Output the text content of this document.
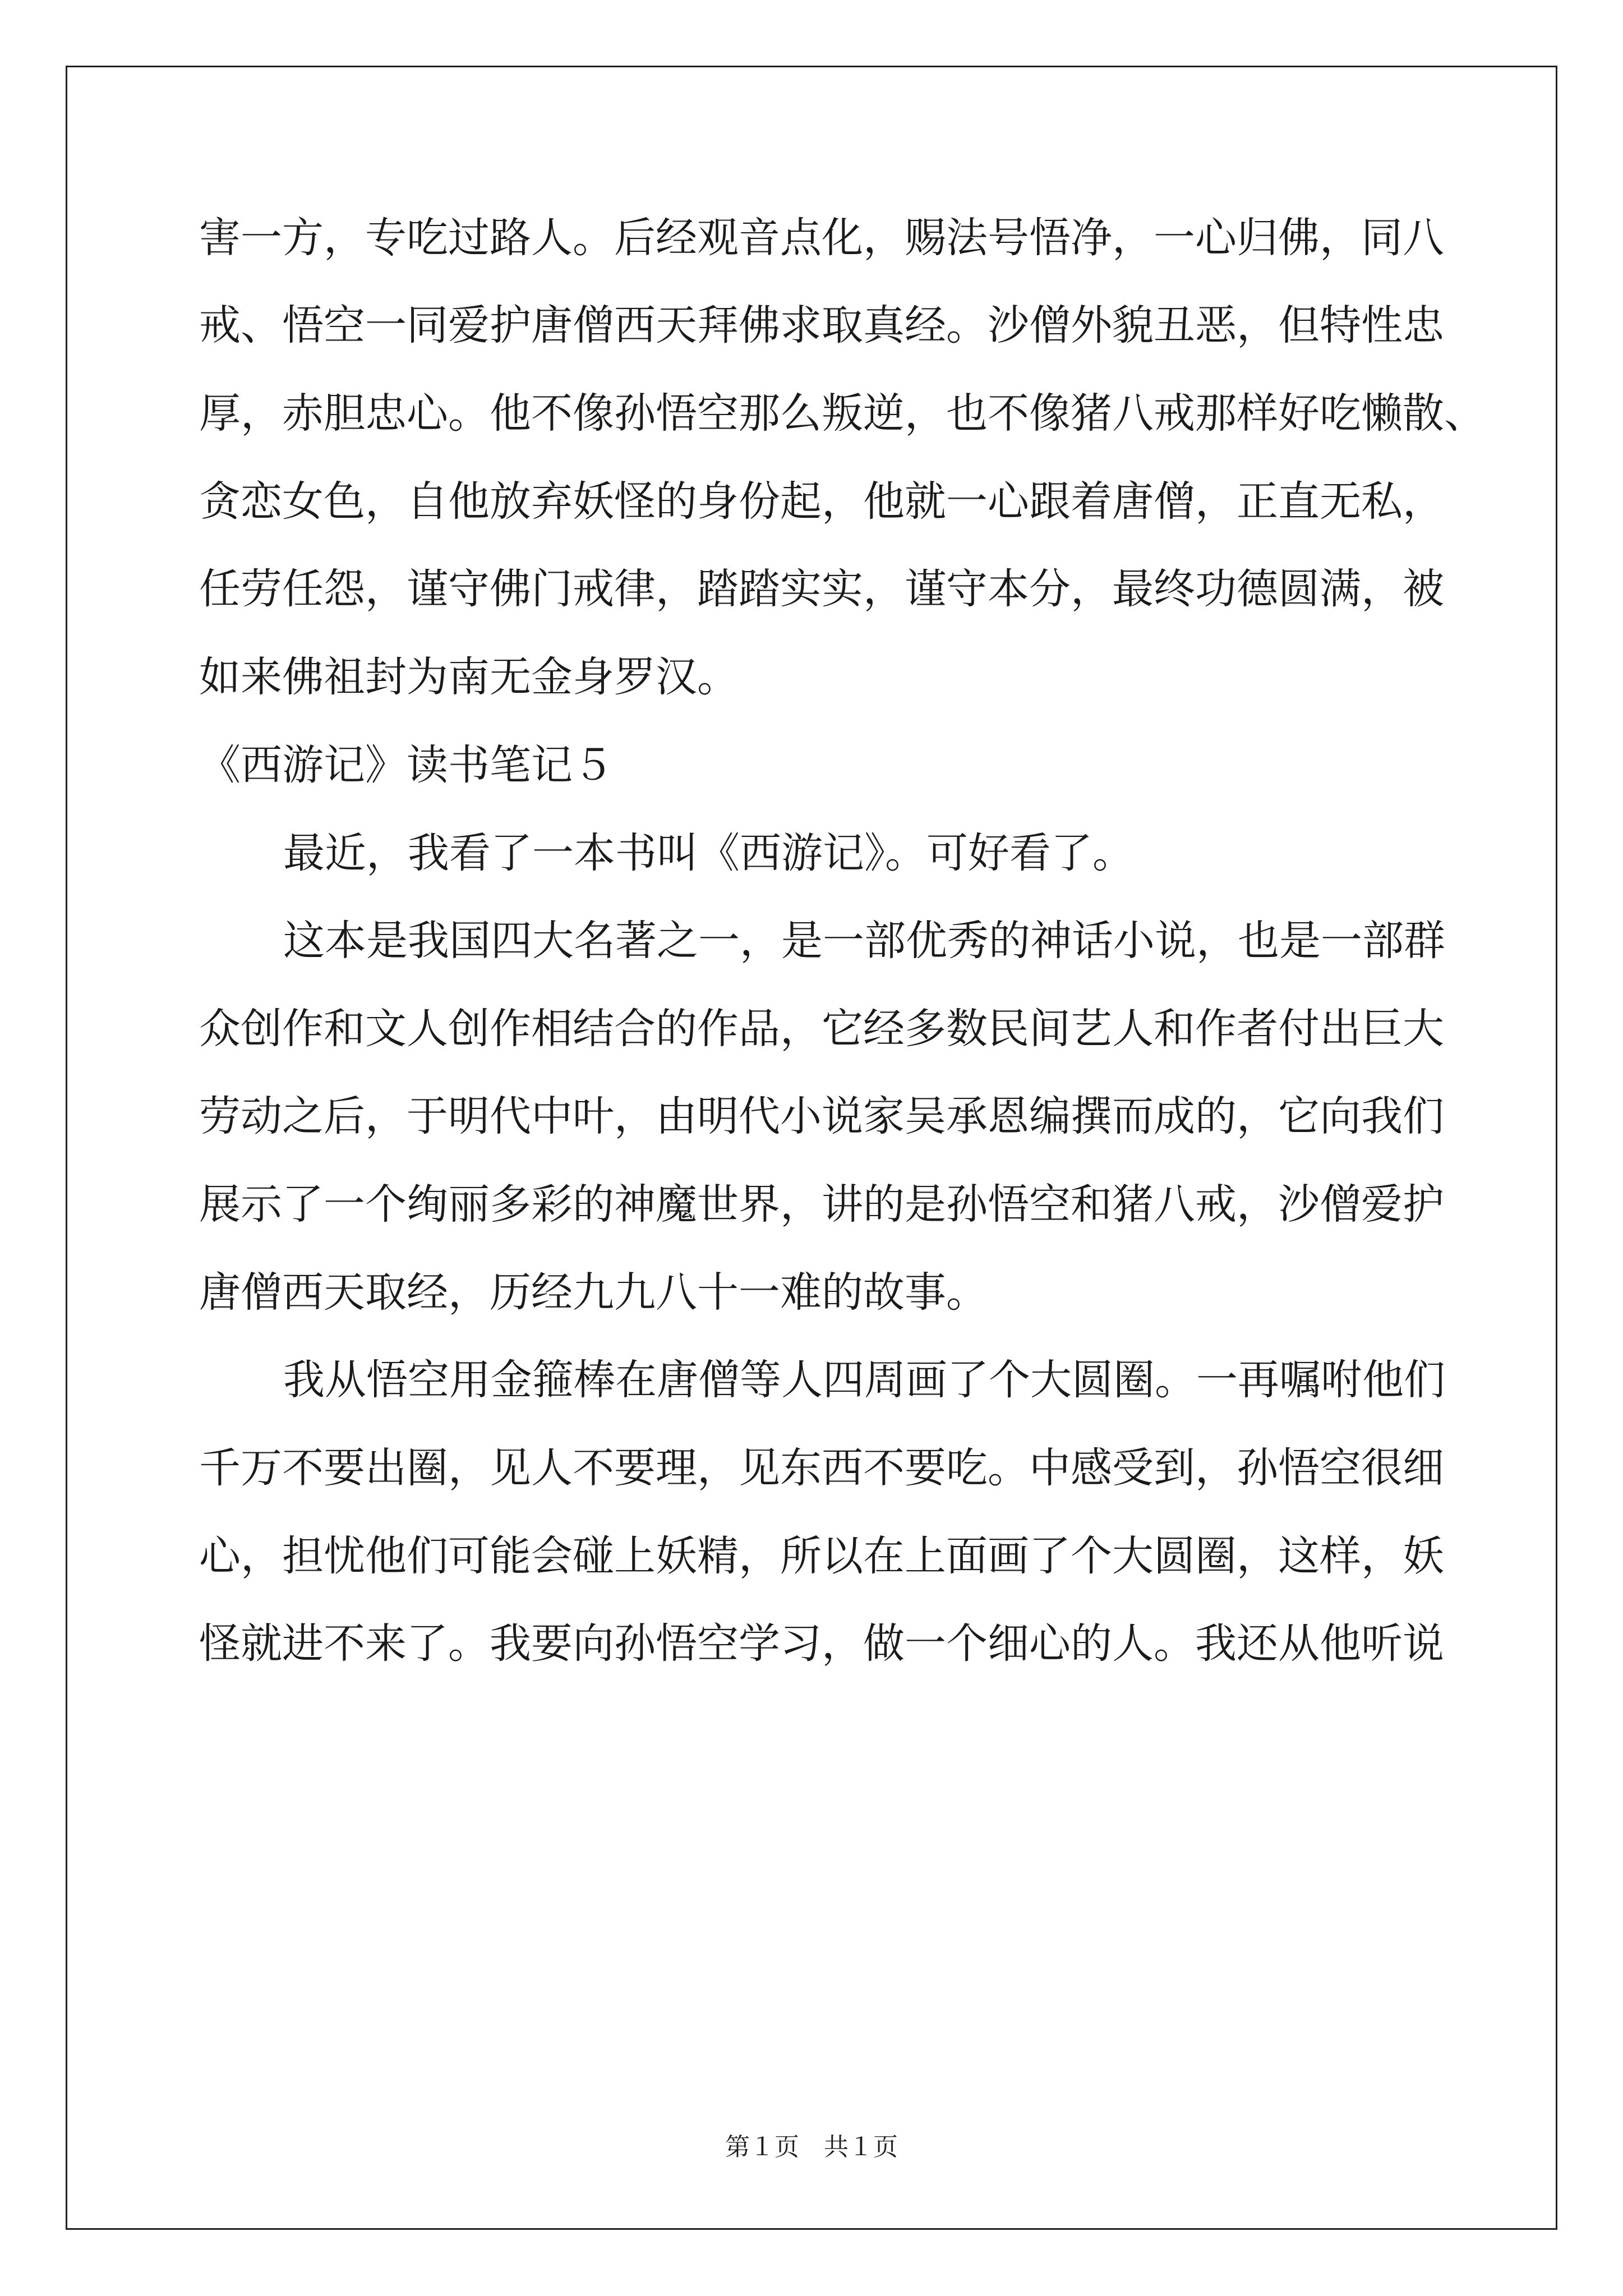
害一方，专吃过路人。后经观音点化，赐法号悟净，一心归佛，同八
戒、悟空一同爱护唐僧西天拜佛求取真经。沙僧外貌丑恶，但特性忠
厚，赤胆忠心。他不像孙悟空那么叛逆，也不像猪八戒那样好吃懒散、
贪恋女色，自他放弃妖怪的身份起，他就一心跟着唐僧，正直无私，
任劳任怨，谨守佛门戒律，踏踏实实，谨守本分，最终功德圆满，被
如来佛祖封为南无金身罗汉。
《西游记》读书笔记５
最近，我看了一本书叫《西游记》。可好看了。
这本是我国四大名著之一，是一部优秀的神话小说，也是一部群
众创作和文人创作相结合的作品，它经多数民间艺人和作者付出巨大
劳动之后，于明代中叶，由明代小说家吴承恩编撰而成的，它向我们
展示了一个绚丽多彩的神魔世界，讲的是孙悟空和猪八戒，沙僧爱护
唐僧西天取经，历经九九八十一难的故事。
我从悟空用金箍棒在唐僧等人四周画了个大圆圈。一再嘱咐他们
千万不要出圈，见人不要理，见东西不要吃。中感受到，孙悟空很细
心，担忧他们可能会碰上妖精，所以在上面画了个大圆圈，这样，妖
怪就进不来了。我要向孙悟空学习，做一个细心的人。我还从他听说
第１页　共１页
